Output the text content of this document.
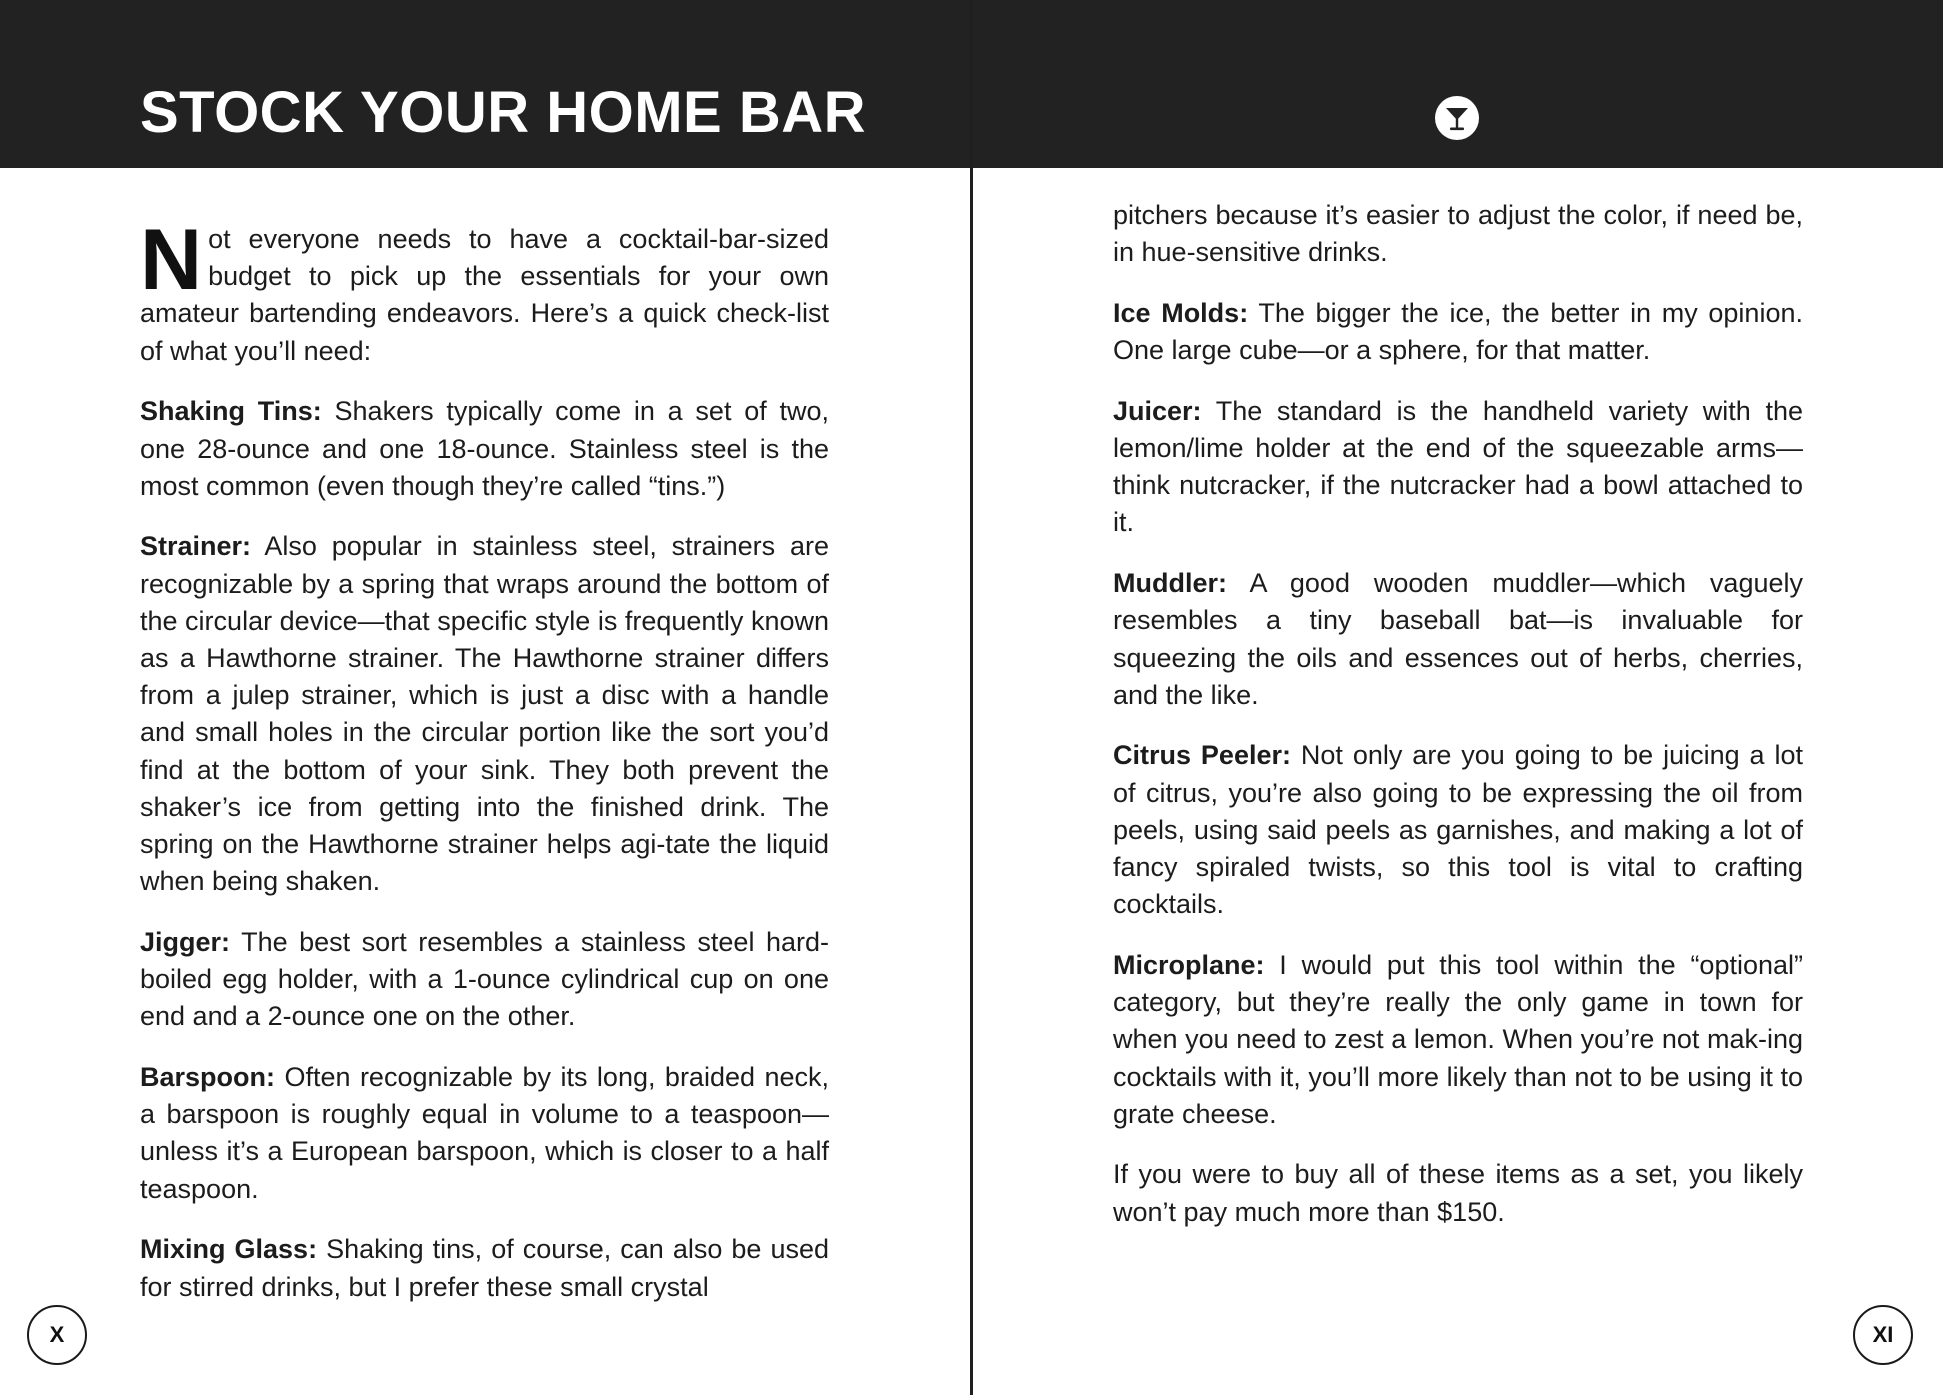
STOCK YOUR HOME BAR

Not everyone needs to have a cocktail-bar-sized budget to pick up the essentials for your own amateur bartending endeavors. Here’s a quick check-list of what you’ll need:

Shaking Tins: Shakers typically come in a set of two, one 28-ounce and one 18-ounce. Stainless steel is the most common (even though they’re called “tins.”)

Strainer: Also popular in stainless steel, strainers are recognizable by a spring that wraps around the bottom of the circular device—that specific style is frequently known as a Hawthorne strainer. The Hawthorne strainer differs from a julep strainer, which is just a disc with a handle and small holes in the circular portion like the sort you’d find at the bottom of your sink. They both prevent the shaker’s ice from getting into the finished drink. The spring on the Hawthorne strainer helps agi-tate the liquid when being shaken.

Jigger: The best sort resembles a stainless steel hard-boiled egg holder, with a 1-ounce cylindrical cup on one end and a 2-ounce one on the other.

Barspoon: Often recognizable by its long, braided neck, a barspoon is roughly equal in volume to a teaspoon—unless it’s a European barspoon, which is closer to a half teaspoon.

Mixing Glass: Shaking tins, of course, can also be used for stirred drinks, but I prefer these small crystal

X

pitchers because it’s easier to adjust the color, if need be, in hue-sensitive drinks.

Ice Molds: The bigger the ice, the better in my opinion. One large cube—or a sphere, for that matter.

Juicer: The standard is the handheld variety with the lemon/lime holder at the end of the squeezable arms—think nutcracker, if the nutcracker had a bowl attached to it.

Muddler: A good wooden muddler—which vaguely resembles a tiny baseball bat—is invaluable for squeezing the oils and essences out of herbs, cherries, and the like.

Citrus Peeler: Not only are you going to be juicing a lot of citrus, you’re also going to be expressing the oil from peels, using said peels as garnishes, and making a lot of fancy spiraled twists, so this tool is vital to crafting cocktails.

Microplane: I would put this tool within the “optional” category, but they’re really the only game in town for when you need to zest a lemon. When you’re not mak-ing cocktails with it, you’ll more likely than not to be using it to grate cheese.

If you were to buy all of these items as a set, you likely won’t pay much more than $150.

XI
